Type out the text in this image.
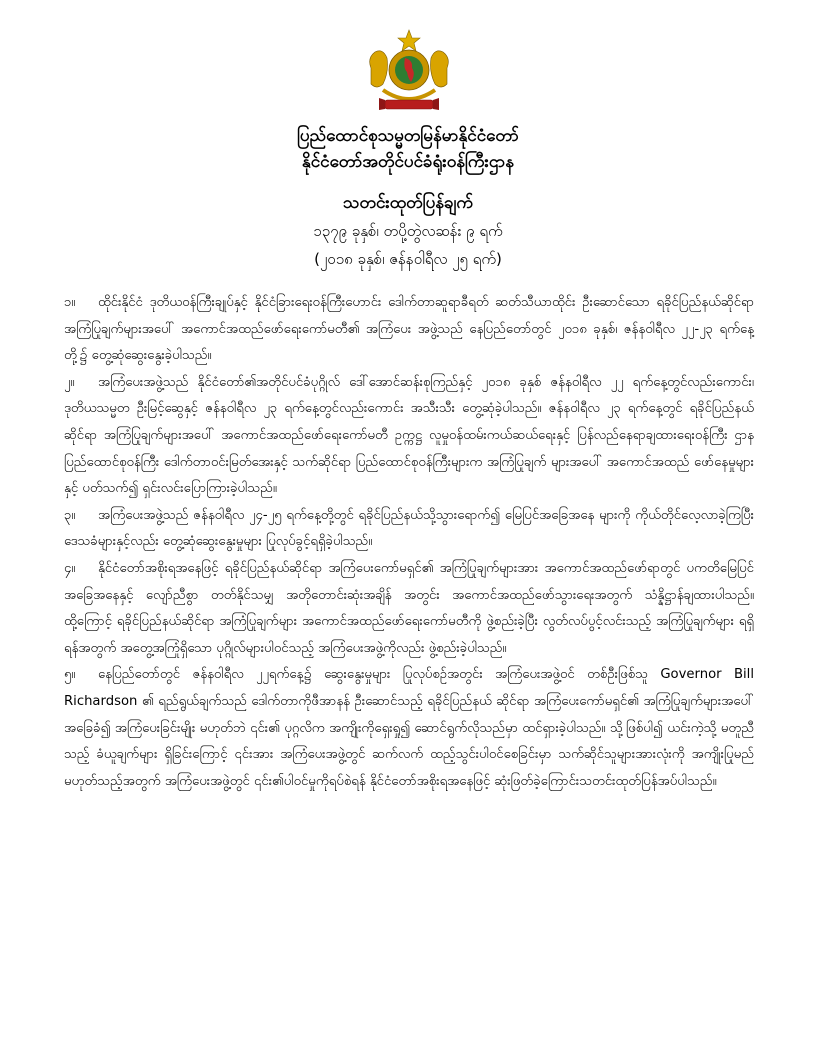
ပြည်ထောင်စုသမ္မတမြန်မာနိုင်ငံတော်
နိုင်ငံတော်အတိုင်ပင်ခံရုံးဝန်ကြီးဌာန
သတင်းထုတ်ပြန်ချက်
၁၃၇၉ ခုနှစ်၊ တပို့တွဲလဆန်း ၉ ရက်
(၂၀၁၈ ခုနှစ်၊ ဇန်နဝါရီလ ၂၅ ရက်)

၁။ ထိုင်းနိုင်ငံ ဒုတိယဝန်ကြီးချုပ်နှင့် နိုင်ငံခြားရေးဝန်ကြီးဟောင်း ဒေါက်တာဆူရာခီရတ် ဆတ်သီယာထိုင်း ဦးဆောင်သော ရခိုင်ပြည်နယ်ဆိုင်ရာ အကြံပြုချက်များအပေါ် အကောင်အထည်ဖော်ရေးကော်မတီ၏ အကြံပေး အဖွဲ့သည် နေပြည်တော်တွင် ၂၀၁၈ ခုနှစ်၊ ဇန်နဝါရီလ ၂၂-၂၃ ရက်နေ့တို့၌ တွေ့ဆုံဆွေးနွေးခဲ့ပါသည်။

၂။ အကြံပေးအဖွဲ့သည် နိုင်ငံတော်၏အတိုင်ပင်ခံပုဂ္ဂိုလ် ဒေါ်အောင်ဆန်းစုကြည်နှင့် ၂၀၁၈ ခုနှစ် ဇန်နဝါရီလ ၂၂ ရက်နေ့တွင်လည်းကောင်း၊ ဒုတိယသမ္မတ ဦးမြင့်ဆွေနှင့် ဇန်နဝါရီလ ၂၃ ရက်နေ့တွင်လည်းကောင်း အသီးသီး တွေ့ဆုံခဲ့ပါသည်။ ဇန်နဝါရီလ ၂၃ ရက်နေ့တွင် ရခိုင်ပြည်နယ်ဆိုင်ရာ အကြံပြုချက်များအပေါ် အကောင်အထည်ဖော်ရေးကော်မတီ ဥက္ကဋ္ဌ လူမှုဝန်ထမ်းကယ်ဆယ်ရေးနှင့် ပြန်လည်နေရာချထားရေးဝန်ကြီး ဌာန ပြည်ထောင်စုဝန်ကြီး ဒေါက်တာဝင်းမြတ်အေးနှင့် သက်ဆိုင်ရာ ပြည်ထောင်စုဝန်ကြီးများက အကြံပြုချက် များအပေါ် အကောင်အထည် ဖော်နေမှုများနှင့် ပတ်သက်၍ ရှင်းလင်းပြောကြားခဲ့ပါသည်။

၃။ အကြံပေးအဖွဲ့သည် ဇန်နဝါရီလ ၂၄-၂၅ ရက်နေ့တို့တွင် ရခိုင်ပြည်နယ်သို့သွားရောက်၍ မြေပြင်အခြေအနေ များကို ကိုယ်တိုင်လေ့လာခဲ့ကြပြီး ဒေသခံများနှင့်လည်း တွေ့ဆုံဆွေးနွေးမှုများ ပြုလုပ်ခွင့်ရရှိခဲ့ပါသည်။

၄။ နိုင်ငံတော်အစိုးရအနေဖြင့် ရခိုင်ပြည်နယ်ဆိုင်ရာ အကြံပေးကော်မရှင်၏ အကြံပြုချက်များအား အကောင်အထည်ဖော်ရာတွင် ပကတိမြေပြင်အခြေအနေနှင့် လျော်ညီစွာ တတ်နိုင်သမျှ အတိုတောင်းဆုံးအချိန် အတွင်း အကောင်အထည်ဖော်သွားရေးအတွက် သံန္နိဋ္ဌာန်ချထားပါသည်။ ထို့ကြောင့် ရခိုင်ပြည်နယ်ဆိုင်ရာ အကြံပြုချက်များ အကောင်အထည်ဖော်ရေးကော်မတီကို ဖွဲ့စည်းခဲ့ပြီး လွတ်လပ်ပွင့်လင်းသည့် အကြံပြုချက်များ ရရှိရန်အတွက် အတွေ့အကြုံရှိသော ပုဂ္ဂိုလ်များပါဝင်သည့် အကြံပေးအဖွဲ့ကိုလည်း ဖွဲ့စည်းခဲ့ပါသည်။

၅။ နေပြည်တော်တွင် ဇန်နဝါရီလ ၂၂ရက်နေ့၌ ဆွေးနွေးမှုများ ပြုလုပ်စဉ်အတွင်း အကြံပေးအဖွဲ့ဝင် တစ်ဦးဖြစ်သူ Governor Bill Richardson ၏ ရည်ရွယ်ချက်သည် ဒေါက်တာကိုဖီအာနန် ဦးဆောင်သည့် ရခိုင်ပြည်နယ် ဆိုင်ရာ အကြံပေးကော်မရှင်၏ အကြံပြုချက်များအပေါ် အခြေခံ၍ အကြံပေးခြင်းမျိုး မဟုတ်ဘဲ ၎င်း၏ ပုဂ္ဂလိက အကျိုးကိုရှေးရှု၍ ဆောင်ရွက်လိုသည်မှာ ထင်ရှားခဲ့ပါသည်။ သို့ဖြစ်ပါ၍ ယင်းကဲ့သို့ မတူညီသည့် ခံယူချက်များ ရှိခြင်းကြောင့် ၎င်းအား အကြံပေးအဖွဲ့တွင် ဆက်လက် ထည့်သွင်းပါဝင်စေခြင်းမှာ သက်ဆိုင်သူများအားလုံးကို အကျိုးပြုမည်မဟုတ်သည့်အတွက် အကြံပေးအဖွဲ့တွင် ၎င်း၏ပါဝင်မှုကိုရပ်စဲရန် နိုင်ငံတော်အစိုးရအနေဖြင့် ဆုံးဖြတ်ခဲ့ကြောင်းသတင်းထုတ်ပြန်အပ်ပါသည်။
